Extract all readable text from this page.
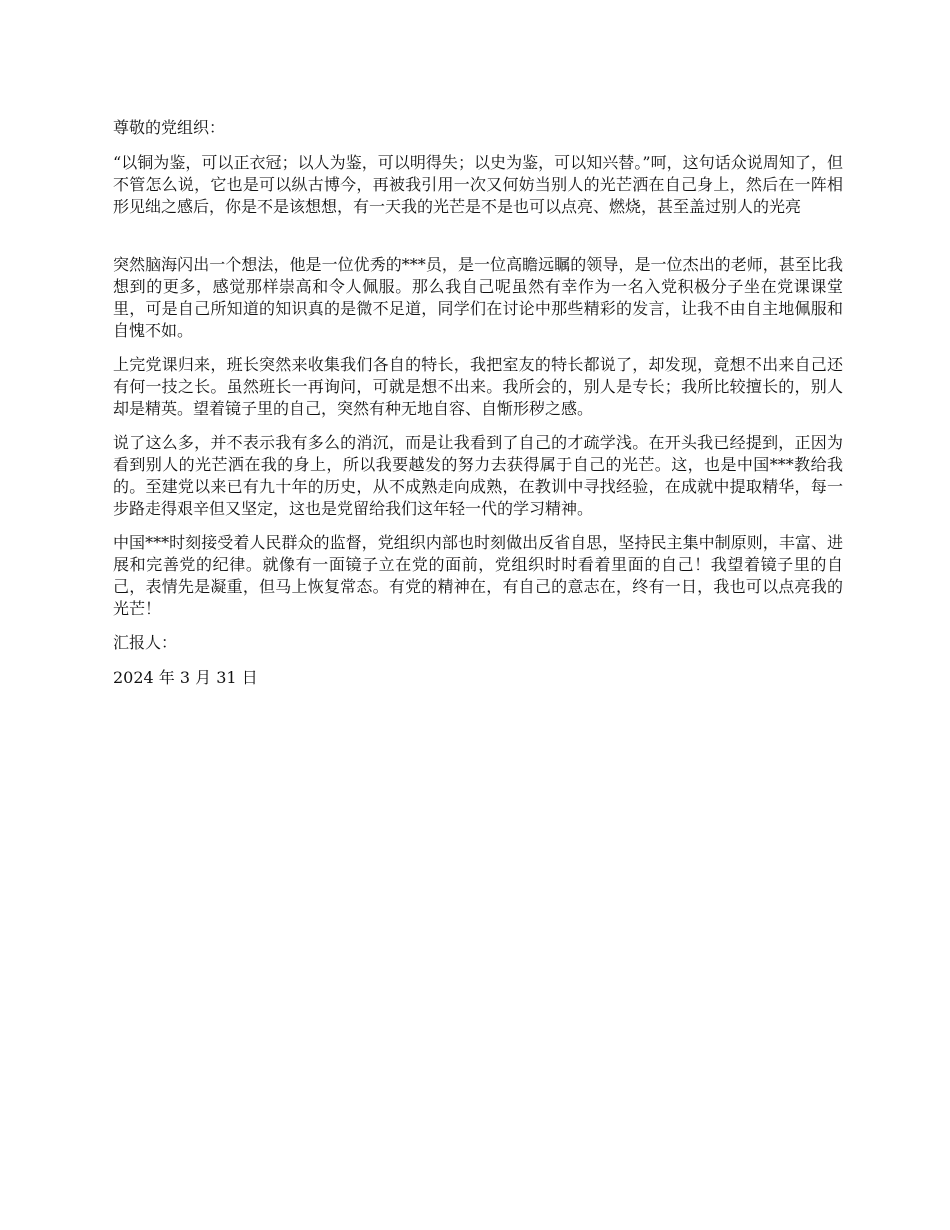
尊敬的党组织：

“以铜为鉴，可以正衣冠；以人为鉴，可以明得失；以史为鉴，可以知兴替。”呵，这句话众说周知了，但不管怎么说，它也是可以纵古博今，再被我引用一次又何妨当别人的光芒洒在自己身上，然后在一阵相形见绌之感后，你是不是该想想，有一天我的光芒是不是也可以点亮、燃烧，甚至盖过别人的光亮

突然脑海闪出一个想法，他是一位优秀的***员，是一位高瞻远瞩的领导，是一位杰出的老师，甚至比我想到的更多，感觉那样崇高和令人佩服。那么我自己呢虽然有幸作为一名入党积极分子坐在党课课堂里，可是自己所知道的知识真的是微不足道，同学们在讨论中那些精彩的发言，让我不由自主地佩服和自愧不如。

上完党课归来，班长突然来收集我们各自的特长，我把室友的特长都说了，却发现，竟想不出来自己还有何一技之长。虽然班长一再询问，可就是想不出来。我所会的，别人是专长；我所比较擅长的，别人却是精英。望着镜子里的自己，突然有种无地自容、自惭形秽之感。

说了这么多，并不表示我有多么的消沉，而是让我看到了自己的才疏学浅。在开头我已经提到，正因为看到别人的光芒洒在我的身上，所以我要越发的努力去获得属于自己的光芒。这，也是中国***教给我的。至建党以来已有九十年的历史，从不成熟走向成熟，在教训中寻找经验，在成就中提取精华，每一步路走得艰辛但又坚定，这也是党留给我们这年轻一代的学习精神。

中国***时刻接受着人民群众的监督，党组织内部也时刻做出反省自思，坚持民主集中制原则，丰富、进展和完善党的纪律。就像有一面镜子立在党的面前，党组织时时看着里面的自己！我望着镜子里的自己，表情先是凝重，但马上恢复常态。有党的精神在，有自己的意志在，终有一日，我也可以点亮我的光芒！

汇报人：

2024 年 3 月 31 日
